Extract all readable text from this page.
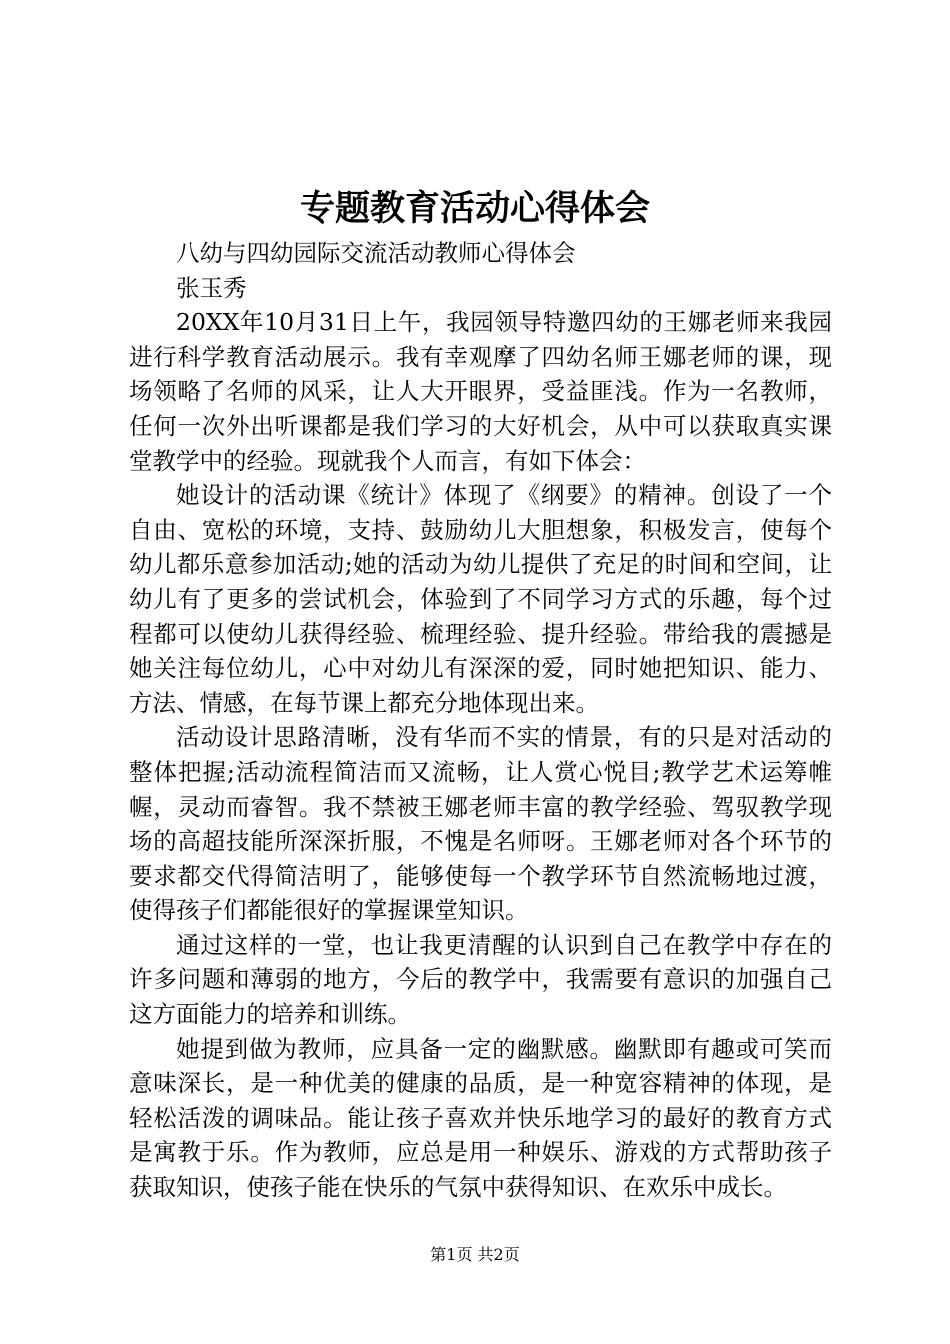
专题教育活动心得体会

八幼与四幼园际交流活动教师心得体会

张玉秀

20XX年10月31日上午，我园领导特邀四幼的王娜老师来我园进行科学教育活动展示。我有幸观摩了四幼名师王娜老师的课，现场领略了名师的风采，让人大开眼界，受益匪浅。作为一名教师，任何一次外出听课都是我们学习的大好机会，从中可以获取真实课堂教学中的经验。现就我个人而言，有如下体会：

她设计的活动课《统计》体现了《纲要》的精神。创设了一个自由、宽松的环境，支持、鼓励幼儿大胆想象，积极发言，使每个幼儿都乐意参加活动;她的活动为幼儿提供了充足的时间和空间，让幼儿有了更多的尝试机会，体验到了不同学习方式的乐趣，每个过程都可以使幼儿获得经验、梳理经验、提升经验。带给我的震撼是她关注每位幼儿，心中对幼儿有深深的爱，同时她把知识、能力、方法、情感，在每节课上都充分地体现出来。

活动设计思路清晰，没有华而不实的情景，有的只是对活动的整体把握;活动流程简洁而又流畅，让人赏心悦目;教学艺术运筹帷幄，灵动而睿智。我不禁被王娜老师丰富的教学经验、驾驭教学现场的高超技能所深深折服，不愧是名师呀。王娜老师对各个环节的要求都交代得简洁明了，能够使每一个教学环节自然流畅地过渡，使得孩子们都能很好的掌握课堂知识。

通过这样的一堂，也让我更清醒的认识到自己在教学中存在的许多问题和薄弱的地方，今后的教学中，我需要有意识的加强自己这方面能力的培养和训练。

她提到做为教师，应具备一定的幽默感。幽默即有趣或可笑而意味深长，是一种优美的健康的品质，是一种宽容精神的体现，是轻松活泼的调味品。能让孩子喜欢并快乐地学习的最好的教育方式是寓教于乐。作为教师，应总是用一种娱乐、游戏的方式帮助孩子获取知识，使孩子能在快乐的气氛中获得知识、在欢乐中成长。

第1页 共2页
